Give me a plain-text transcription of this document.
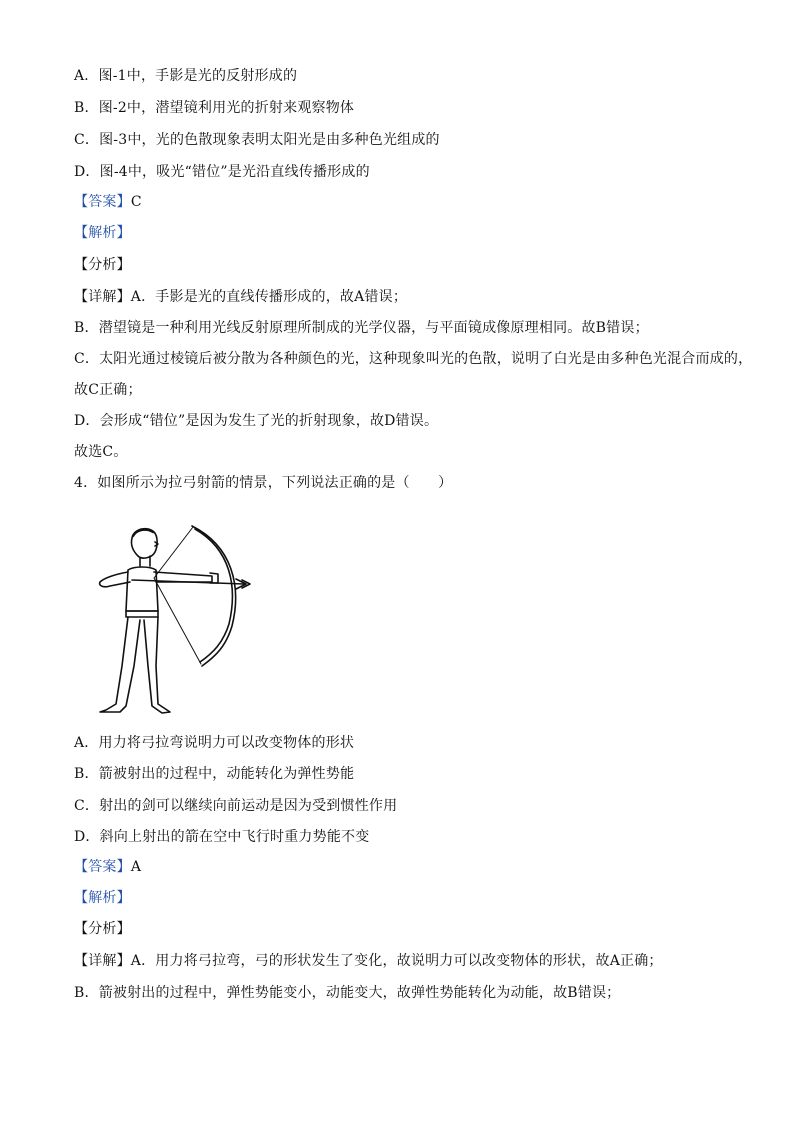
A．图-1中，手影是光的反射形成的
B．图-2中，潜望镜利用光的折射来观察物体
C．图-3中，光的色散现象表明太阳光是由多种色光组成的
D．图-4中，吸光“错位”是光沿直线传播形成的
【答案】C
【解析】
【分析】
【详解】A．手影是光的直线传播形成的，故A错误；
B．潜望镜是一种利用光线反射原理所制成的光学仪器，与平面镜成像原理相同。故B错误；
C．太阳光通过棱镜后被分散为各种颜色的光，这种现象叫光的色散，说明了白光是由多种色光混合而成的，
故C正确；
D．会形成“错位”是因为发生了光的折射现象，故D错误。
故选C。
4．如图所示为拉弓射箭的情景，下列说法正确的是（　　）
A．用力将弓拉弯说明力可以改变物体的形状
B．箭被射出的过程中，动能转化为弹性势能
C．射出的剑可以继续向前运动是因为受到惯性作用
D．斜向上射出的箭在空中飞行时重力势能不变
【答案】A
【解析】
【分析】
【详解】A．用力将弓拉弯，弓的形状发生了变化，故说明力可以改变物体的形状，故A正确；
B．箭被射出的过程中，弹性势能变小，动能变大，故弹性势能转化为动能，故B错误；
